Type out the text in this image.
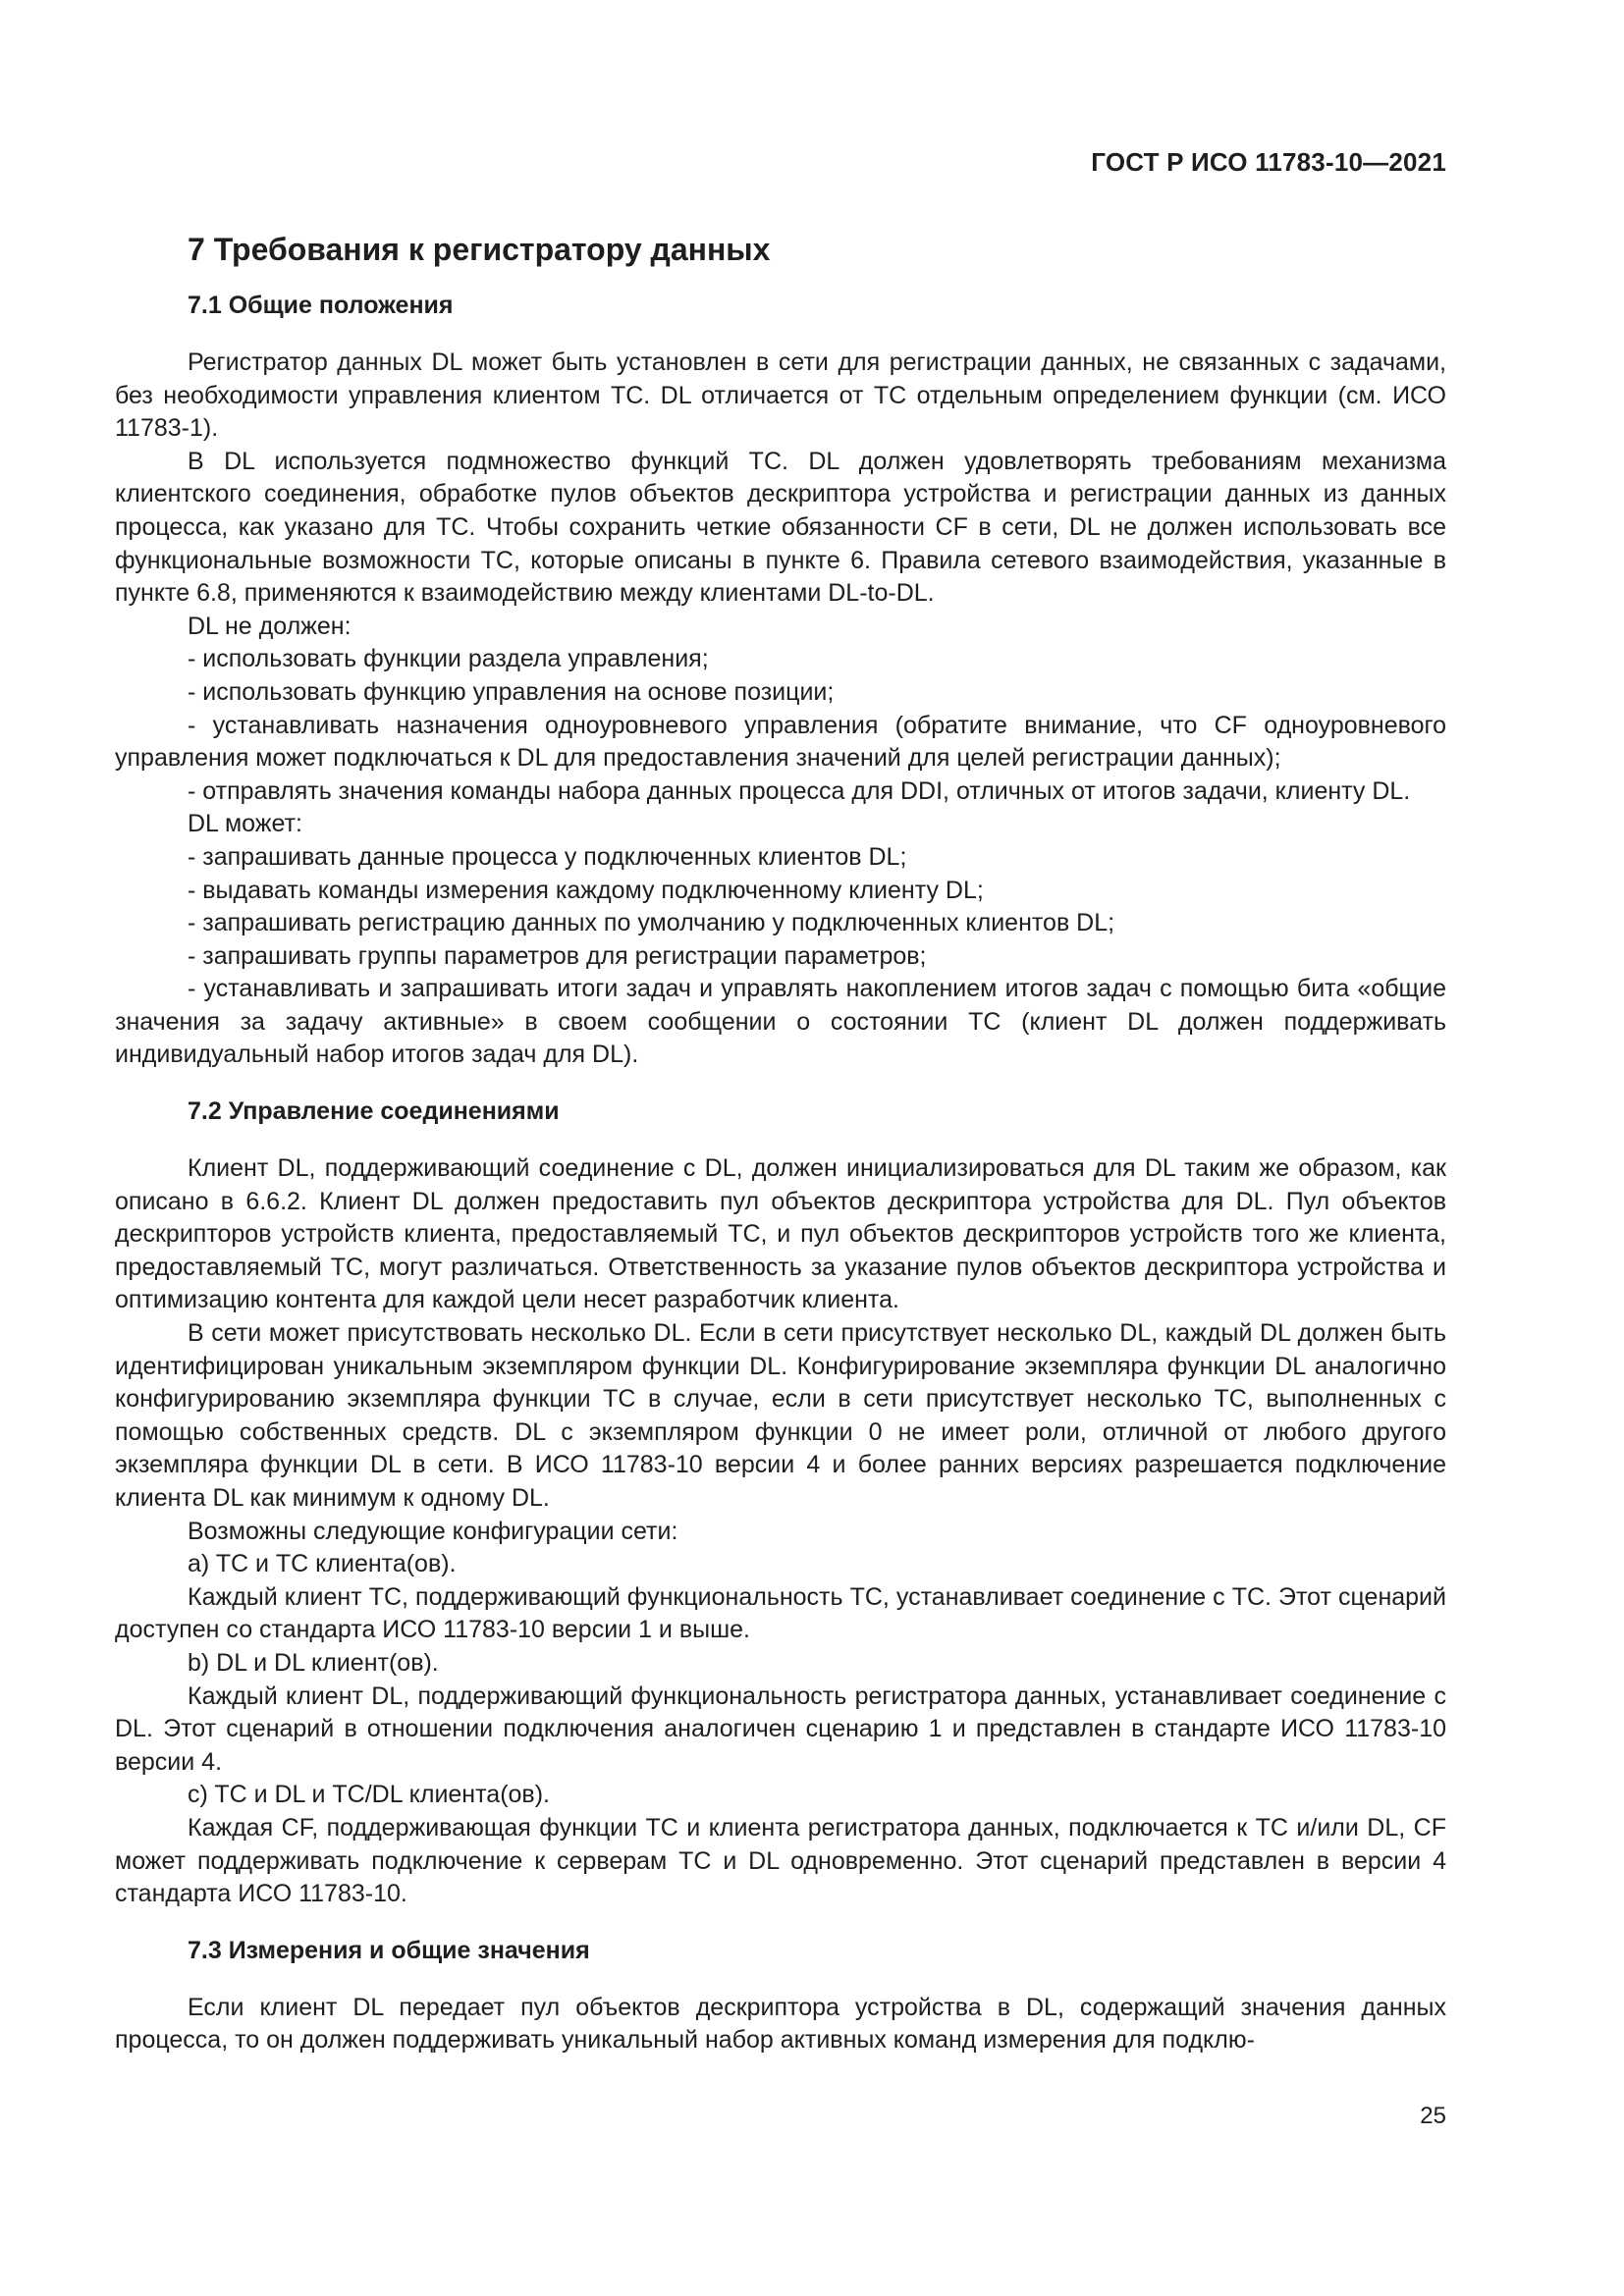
ГОСТ Р ИСО 11783-10—2021
7 Требования к регистратору данных
7.1 Общие положения

Регистратор данных DL может быть установлен в сети для регистрации данных, не связанных с задачами, без необходимости управления клиентом TC. DL отличается от TC отдельным определением функции (см. ИСО 11783-1).

В DL используется подмножество функций TC. DL должен удовлетворять требованиям механизма клиентского соединения, обработке пулов объектов дескриптора устройства и регистрации данных из данных процесса, как указано для TC. Чтобы сохранить четкие обязанности CF в сети, DL не должен использовать все функциональные возможности TC, которые описаны в пункте 6. Правила сетевого взаимодействия, указанные в пункте 6.8, применяются к взаимодействию между клиентами DL-to-DL.

DL не должен:

- использовать функции раздела управления;

- использовать функцию управления на основе позиции;

- устанавливать назначения одноуровневого управления (обратите внимание, что CF одноуровневого управления может подключаться к DL для предоставления значений для целей регистрации данных);

- отправлять значения команды набора данных процесса для DDI, отличных от итогов задачи, клиенту DL.

DL может:

- запрашивать данные процесса у подключенных клиентов DL;

- выдавать команды измерения каждому подключенному клиенту DL;

- запрашивать регистрацию данных по умолчанию у подключенных клиентов DL;

- запрашивать группы параметров для регистрации параметров;

- устанавливать и запрашивать итоги задач и управлять накоплением итогов задач с помощью бита «общие значения за задачу активные» в своем сообщении о состоянии TC (клиент DL должен поддерживать индивидуальный набор итогов задач для DL).

7.2 Управление соединениями

Клиент DL, поддерживающий соединение с DL, должен инициализироваться для DL таким же образом, как описано в 6.6.2. Клиент DL должен предоставить пул объектов дескриптора устройства для DL. Пул объектов дескрипторов устройств клиента, предоставляемый TC, и пул объектов дескрипторов устройств того же клиента, предоставляемый TC, могут различаться. Ответственность за указание пулов объектов дескриптора устройства и оптимизацию контента для каждой цели несет разработчик клиента.

В сети может присутствовать несколько DL. Если в сети присутствует несколько DL, каждый DL должен быть идентифицирован уникальным экземпляром функции DL. Конфигурирование экземпляра функции DL аналогично конфигурированию экземпляра функции TC в случае, если в сети присутствует несколько TC, выполненных с помощью собственных средств. DL с экземпляром функции 0 не имеет роли, отличной от любого другого экземпляра функции DL в сети. В ИСО 11783-10 версии 4 и более ранних версиях разрешается подключение клиента DL как минимум к одному DL.

Возможны следующие конфигурации сети:

a) TC и TC клиента(ов).

Каждый клиент TC, поддерживающий функциональность TC, устанавливает соединение с TC. Этот сценарий доступен со стандарта ИСО 11783-10 версии 1 и выше.

b) DL и DL клиент(ов).

Каждый клиент DL, поддерживающий функциональность регистратора данных, устанавливает соединение с DL. Этот сценарий в отношении подключения аналогичен сценарию 1 и представлен в стандарте ИСО 11783-10 версии 4.

c) TC и DL и TC/DL клиента(ов).

Каждая CF, поддерживающая функции TC и клиента регистратора данных, подключается к TC и/или DL, CF может поддерживать подключение к серверам TC и DL одновременно. Этот сценарий представлен в версии 4 стандарта ИСО 11783-10.

7.3 Измерения и общие значения

Если клиент DL передает пул объектов дескриптора устройства в DL, содержащий значения данных процесса, то он должен поддерживать уникальный набор активных команд измерения для подклю-

25
